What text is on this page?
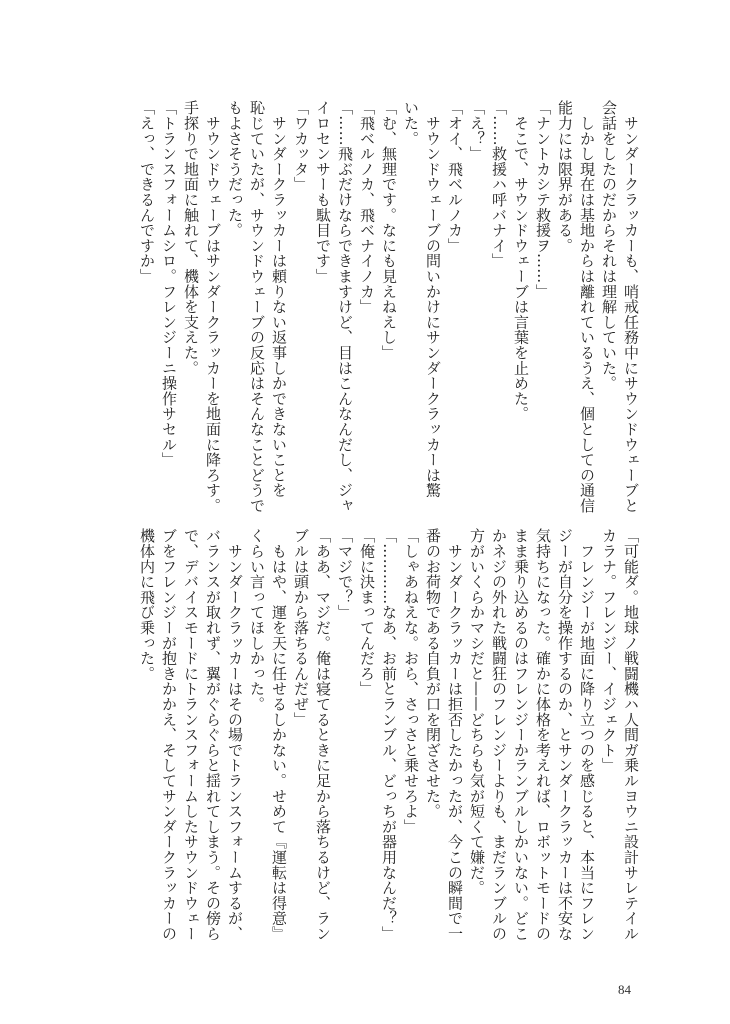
　サンダークラッカーも、哨戒任務中にサウンドウェーブと
会話をしたのだからそれは理解していた。
　しかし現在は基地からは離れているうえ、個としての通信
能力には限界がある。
「ナントカシテ救援ヲ……」
　そこで、サウンドウェーブは言葉を止めた。
「……救援ハ呼バナイ」
「え？」
「オイ、飛ベルノカ」
　サウンドウェーブの問いかけにサンダークラッカーは驚
いた。
「む、無理です。なにも見えねえし」
「飛ベルノカ、飛ベナイノカ」
「……飛ぶだけならできますけど、目はこんなんだし、ジャ
イロセンサーも駄目です」
「ワカッタ」
　サンダークラッカーは頼りない返事しかできないことを
恥じていたが、サウンドウェーブの反応はそんなことどうで
もよさそうだった。
　サウンドウェーブはサンダークラッカーを地面に降ろす。
手探りで地面に触れて、機体を支えた。
「トランスフォームシロ。フレンジーニ操作サセル」
「えっ、できるんですか」
「可能ダ。地球ノ戦闘機ハ人間ガ乗ルヨウニ設計サレテイル
カラナ。フレンジー、イジェクト」
　フレンジーが地面に降り立つのを感じると、本当にフレン
ジーが自分を操作するのか、とサンダークラッカーは不安な
気持ちになった。確かに体格を考えれば、ロボットモードの
まま乗り込めるのはフレンジーかランブルしかいない。どこ
かネジの外れた戦闘狂のフレンジーよりも、まだランブルの
方がいくらかマシだと——どちらも気が短くて嫌だ。
　サンダークラッカーは拒否したかったが、今この瞬間で一
番のお荷物である自負が口を閉ざさせた。
「しゃあねえな。おら、さっさと乗せろよ」
「…………なあ、お前とランブル、どっちが器用なんだ？」
「俺に決まってんだろ」
「マジで？」
「ああ、マジだ。俺は寝てるときに足から落ちるけど、ラン
ブルは頭から落ちるんだぜ」
　もはや、運を天に任せるしかない。せめて『運転は得意』
くらい言ってほしかった。
　サンダークラッカーはその場でトランスフォームするが、
バランスが取れず、翼がぐらぐらと揺れてしまう。その傍ら
で、デバイスモードにトランスフォームしたサウンドウェー
ブをフレンジーが抱きかかえ、そしてサンダークラッカーの
機体内に飛び乗った。
84
